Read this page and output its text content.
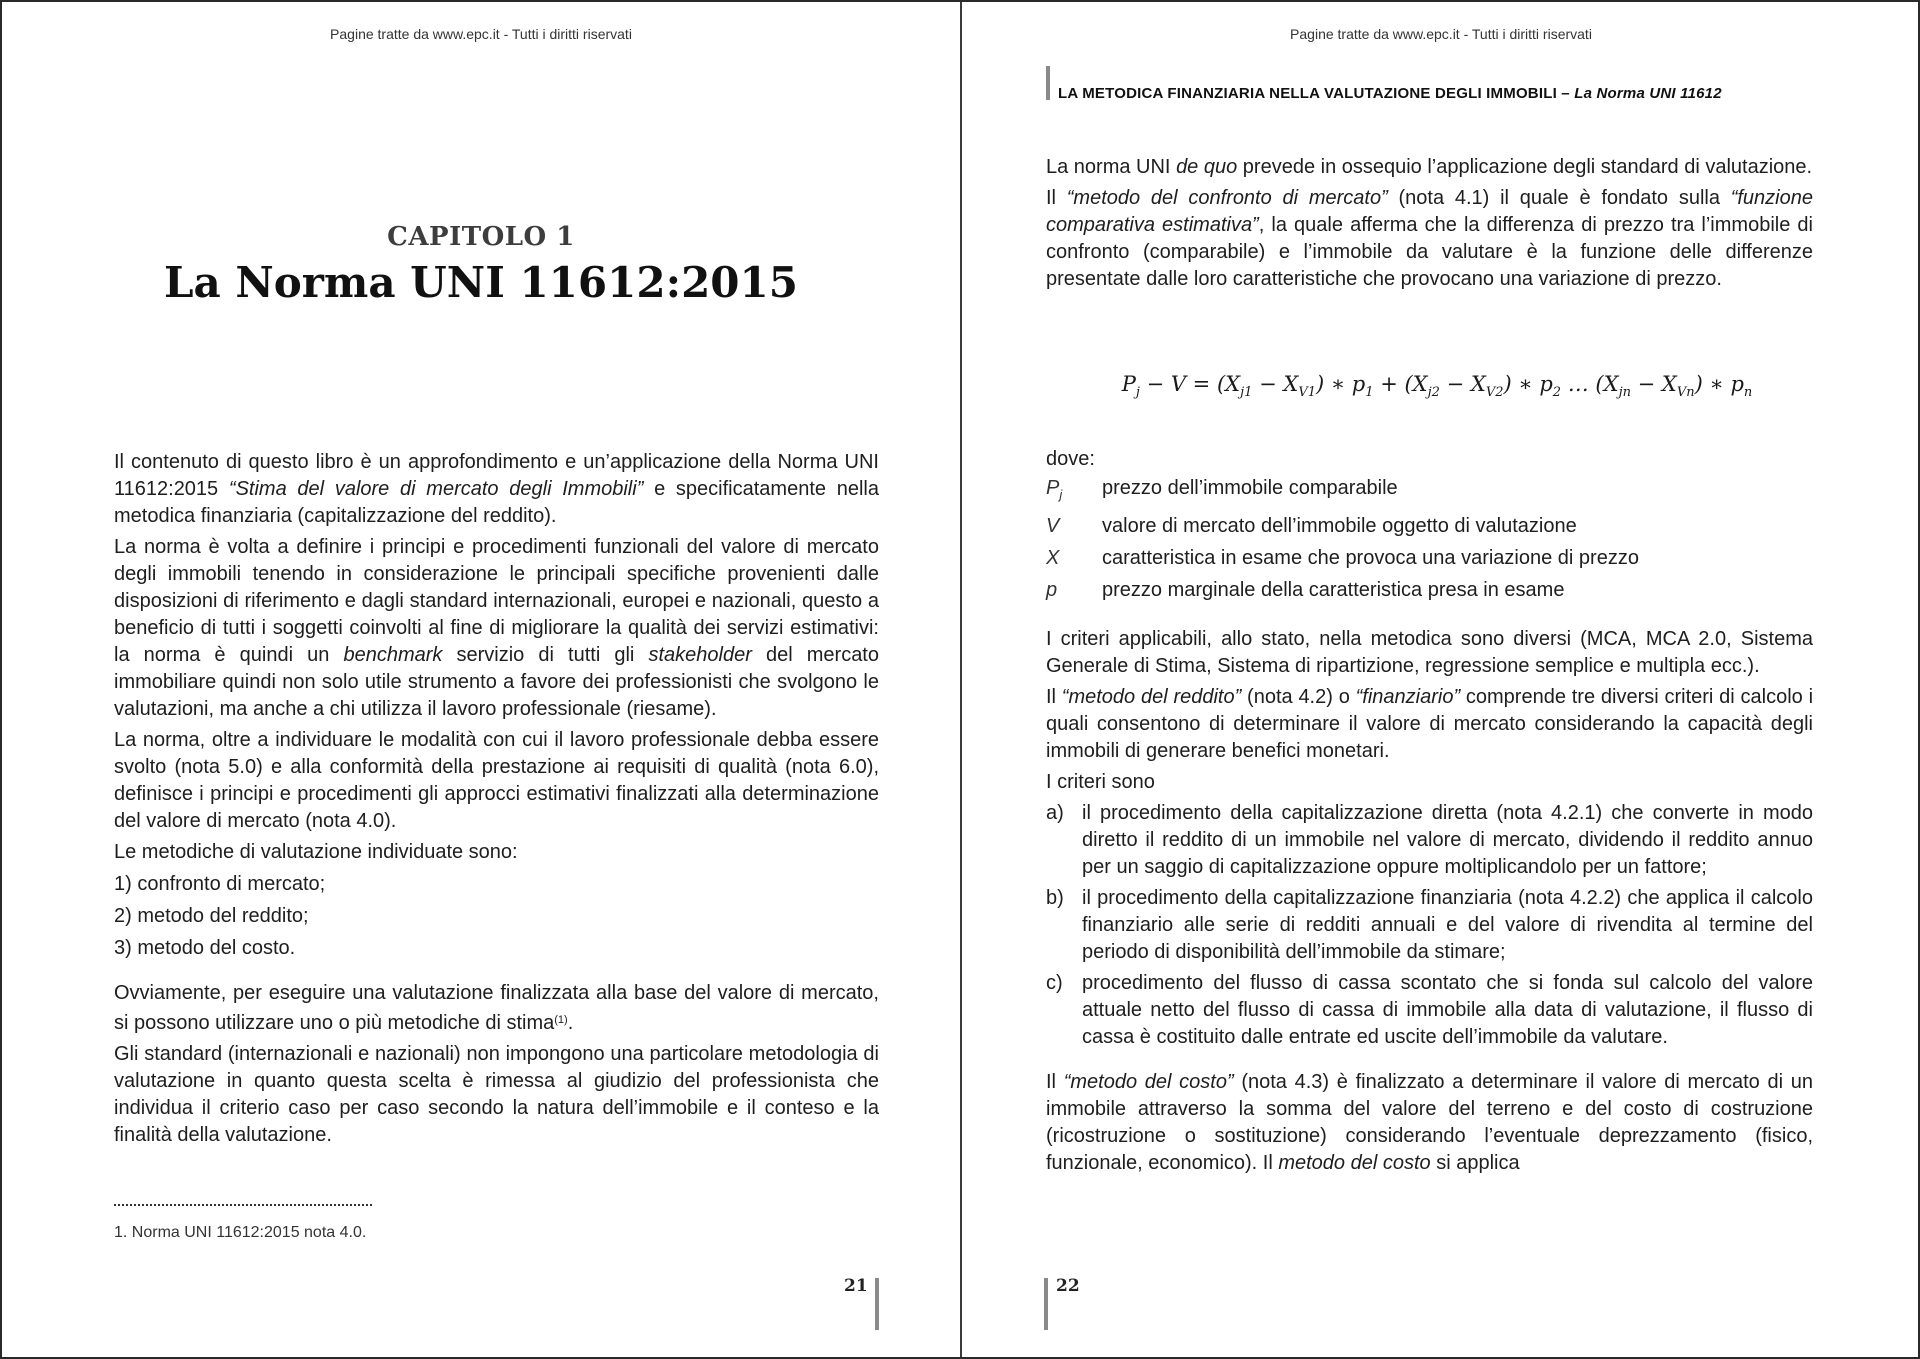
Pagine tratte da www.epc.it - Tutti i diritti riservati
CAPITOLO 1
La Norma UNI 11612:2015

Il contenuto di questo libro è un approfondimento e un’applicazione della Norma UNI 11612:2015 “Stima del valore di mercato degli Immobili” e specificatamente nella metodica finanziaria (capitalizzazione del reddito).

La norma è volta a definire i principi e procedimenti funzionali del valore di mercato degli immobili tenendo in considerazione le principali specifiche provenienti dalle disposizioni di riferimento e dagli standard internazionali, europei e nazionali, questo a beneficio di tutti i soggetti coinvolti al fine di migliorare la qualità dei servizi estimativi: la norma è quindi un benchmark servizio di tutti gli stakeholder del mercato immobiliare quindi non solo utile strumento a favore dei professionisti che svolgono le valutazioni, ma anche a chi utilizza il lavoro professionale (riesame).

La norma, oltre a individuare le modalità con cui il lavoro professionale debba essere svolto (nota 5.0) e alla conformità della prestazione ai requisiti di qualità (nota 6.0), definisce i principi e procedimenti gli approcci estimativi finalizzati alla determinazione del valore di mercato (nota 4.0).

Le metodiche di valutazione individuate sono:

1) confronto di mercato;

2) metodo del reddito;

3) metodo del costo.

Ovviamente, per eseguire una valutazione finalizzata alla base del valore di mercato, si possono utilizzare uno o più metodiche di stima$^{(1)}$.

Gli standard (internazionali e nazionali) non impongono una particolare metodologia di valutazione in quanto questa scelta è rimessa al giudizio del professionista che individua il criterio caso per caso secondo la natura dell’immobile e il conteso e la finalità della valutazione.

1. Norma UNI 11612:2015 nota 4.0.
21
Pagine tratte da www.epc.it - Tutti i diritti riservati
LA METODICA FINANZIARIA NELLA VALUTAZIONE DEGLI IMMOBILI – La Norma UNI 11612

La norma UNI de quo prevede in ossequio l’applicazione degli standard di valutazione.

Il “metodo del confronto di mercato” (nota 4.1) il quale è fondato sulla “funzione comparativa estimativa”, la quale afferma che la differenza di prezzo tra l’immobile di confronto (comparabile) e l’immobile da valutare è la funzione delle differenze presentate dalle loro caratteristiche che provocano una variazione di prezzo.

$P_j - V = (X_{j1} - X_{V1})$ ∗ $p_1 + (X_{j2} - X_{V2})$ ∗ $p_2$ … $(X_{jn} - X_{Vn})$ ∗ $p_n$
dove:
$P_j$	prezzo dell’immobile comparabile
V	valore di mercato dell’immobile oggetto di valutazione
X	caratteristica in esame che provoca una variazione di prezzo
p	prezzo marginale della caratteristica presa in esame

I criteri applicabili, allo stato, nella metodica sono diversi (MCA, MCA 2.0, Sistema Generale di Stima, Sistema di ripartizione, regressione semplice e multipla ecc.).

Il “metodo del reddito” (nota 4.2) o “finanziario” comprende tre diversi criteri di calcolo i quali consentono di determinare il valore di mercato considerando la capacità degli immobili di generare benefici monetari.

I criteri sono

a) il procedimento della capitalizzazione diretta (nota 4.2.1) che converte in modo diretto il reddito di un immobile nel valore di mercato, dividendo il reddito annuo per un saggio di capitalizzazione oppure moltiplicandolo per un fattore;
b) il procedimento della capitalizzazione finanziaria (nota 4.2.2) che applica il calcolo finanziario alle serie di redditi annuali e del valore di rivendita al termine del periodo di disponibilità dell’immobile da stimare;
c) procedimento del flusso di cassa scontato che si fonda sul calcolo del valore attuale netto del flusso di cassa di immobile alla data di valutazione, il flusso di cassa è costituito dalle entrate ed uscite dell’immobile da valutare.

Il “metodo del costo” (nota 4.3) è finalizzato a determinare il valore di mercato di un immobile attraverso la somma del valore del terreno e del costo di costruzione (ricostruzione o sostituzione) considerando l’eventuale deprezzamento (fisico, funzionale, economico). Il metodo del costo si applica

22
